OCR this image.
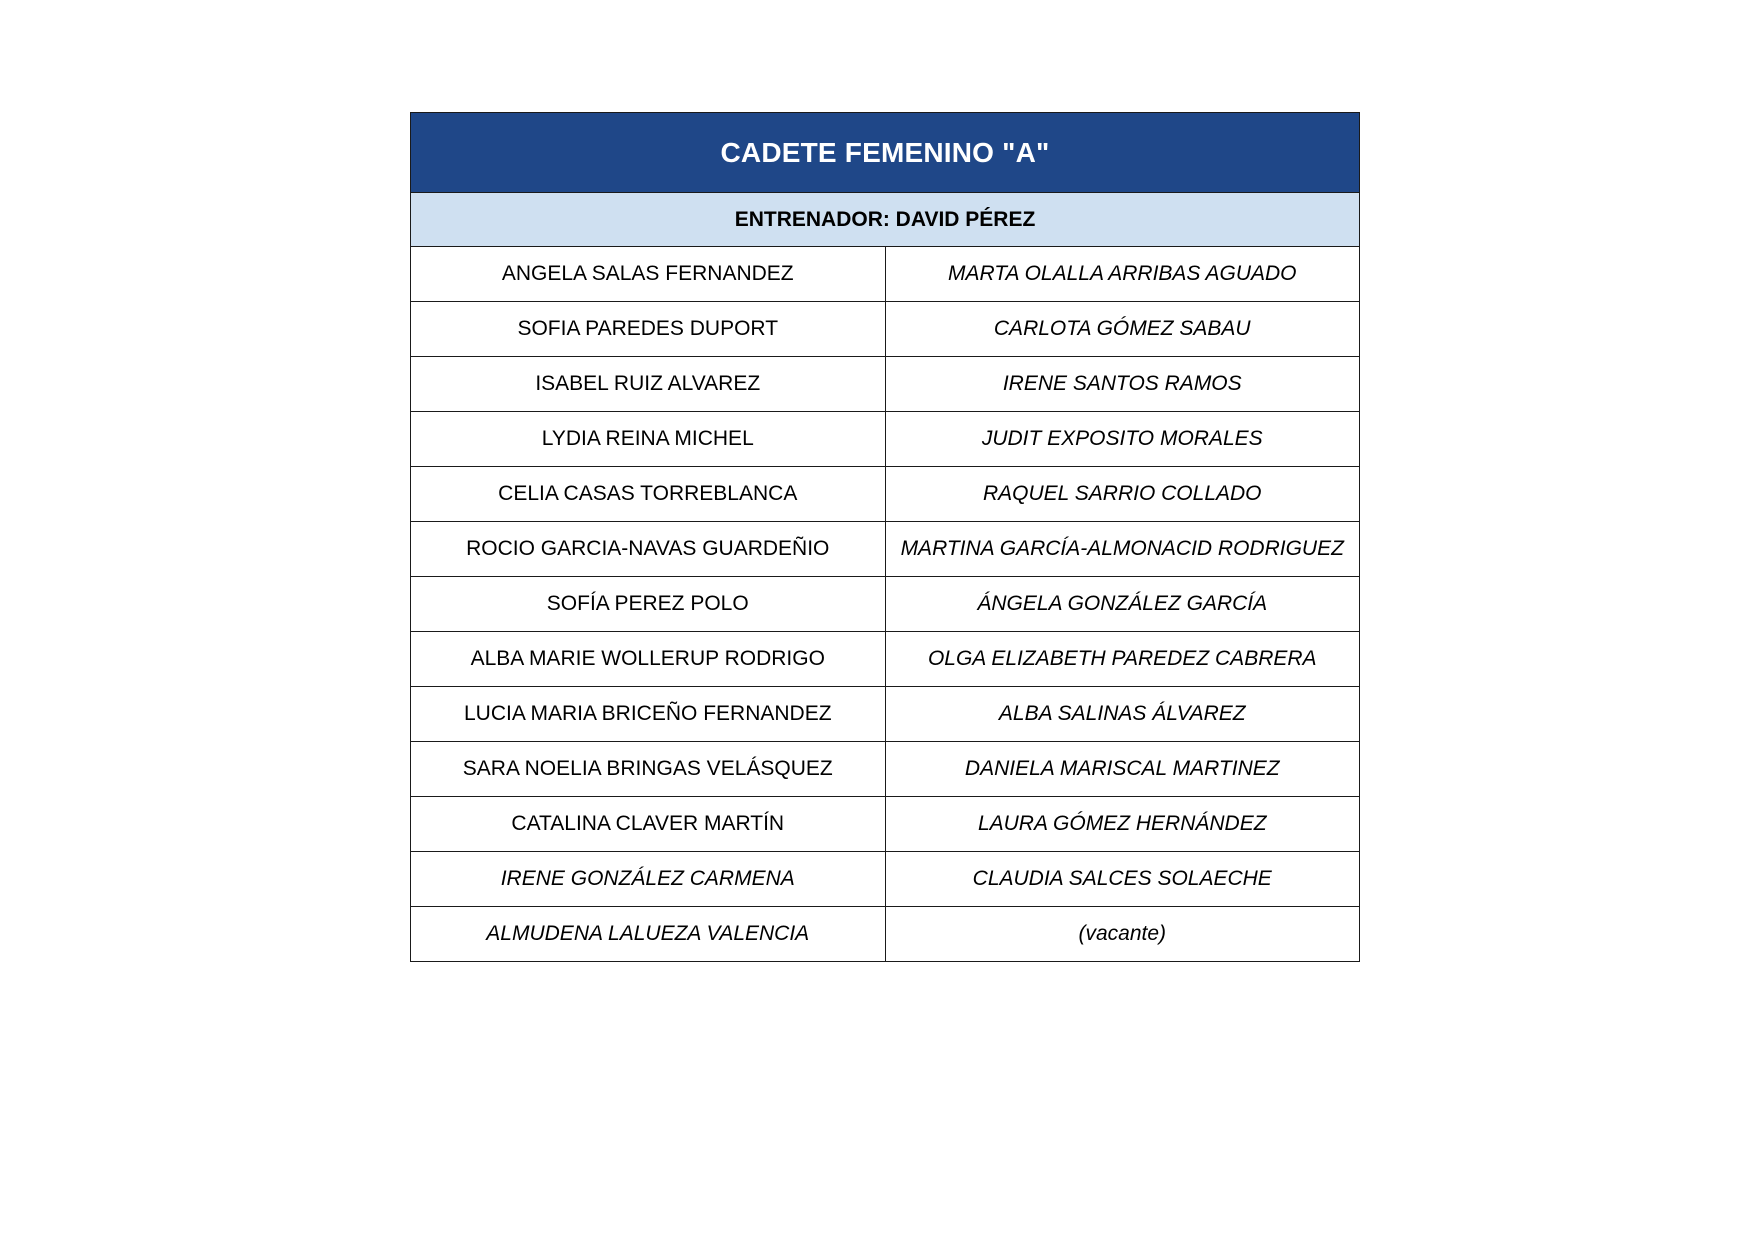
CADETE FEMENINO "A"	
ENTRENADOR: DAVID PÉREZ	
ANGELA SALAS FERNANDEZ	MARTA OLALLA ARRIBAS AGUADO
SOFIA PAREDES DUPORT	CARLOTA GÓMEZ SABAU
ISABEL RUIZ ALVAREZ	IRENE SANTOS RAMOS
LYDIA REINA MICHEL	JUDIT EXPOSITO MORALES
CELIA CASAS TORREBLANCA	RAQUEL SARRIO COLLADO
ROCIO GARCIA-NAVAS GUARDEÑIO	MARTINA GARCÍA-ALMONACID RODRIGUEZ
SOFÍA PEREZ POLO	ÁNGELA GONZÁLEZ GARCÍA
ALBA MARIE WOLLERUP RODRIGO	OLGA ELIZABETH PAREDEZ CABRERA
LUCIA MARIA BRICEÑO FERNANDEZ	ALBA SALINAS ÁLVAREZ
SARA NOELIA BRINGAS VELÁSQUEZ	DANIELA MARISCAL MARTINEZ
CATALINA CLAVER MARTÍN	LAURA GÓMEZ HERNÁNDEZ
IRENE GONZÁLEZ CARMENA	CLAUDIA SALCES SOLAECHE
ALMUDENA LALUEZA VALENCIA	(vacante)
